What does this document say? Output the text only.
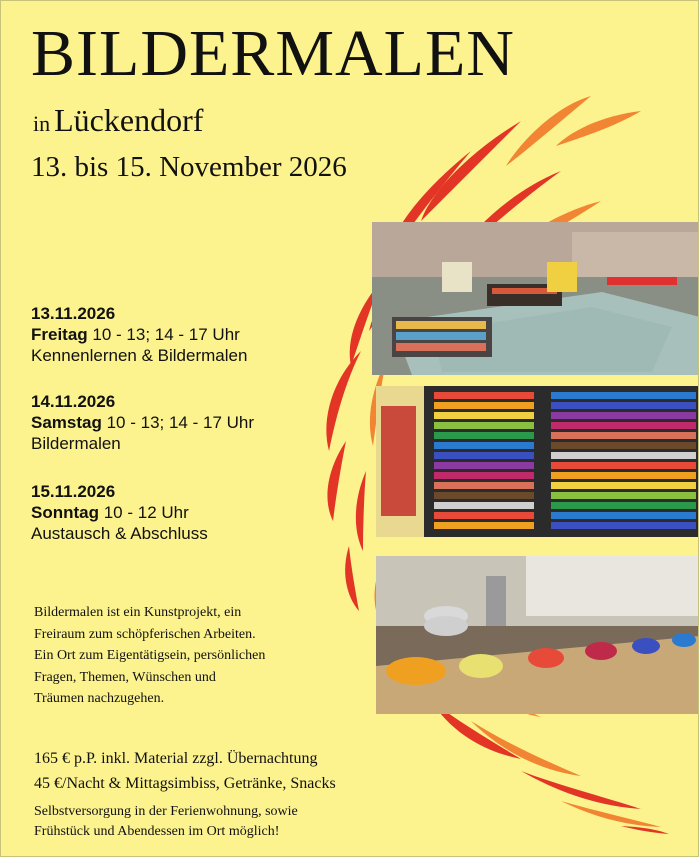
BILDERMALEN
in Lückendorf
13. bis 15. November 2026
13.11.2026
Freitag 10 - 13; 14 - 17 Uhr
Kennenlernen & Bildermalen
14.11.2026
Samstag 10 - 13; 14 - 17 Uhr
Bildermalen
15.11.2026
Sonntag 10 - 12 Uhr
Austausch & Abschluss
Bildermalen ist ein Kunstprojekt, ein
Freiraum zum schöpferischen Arbeiten.
Ein Ort zum Eigentätigsein, persönlichen
Fragen, Themen, Wünschen und
Träumen nachzugehen.
165 € p.P. inkl. Material zzgl. Übernachtung
45 €/Nacht & Mittagsimbiss, Getränke, Snacks
Selbstversorgung in der Ferienwohnung, sowie
Frühstück und Abendessen im Ort möglich!
